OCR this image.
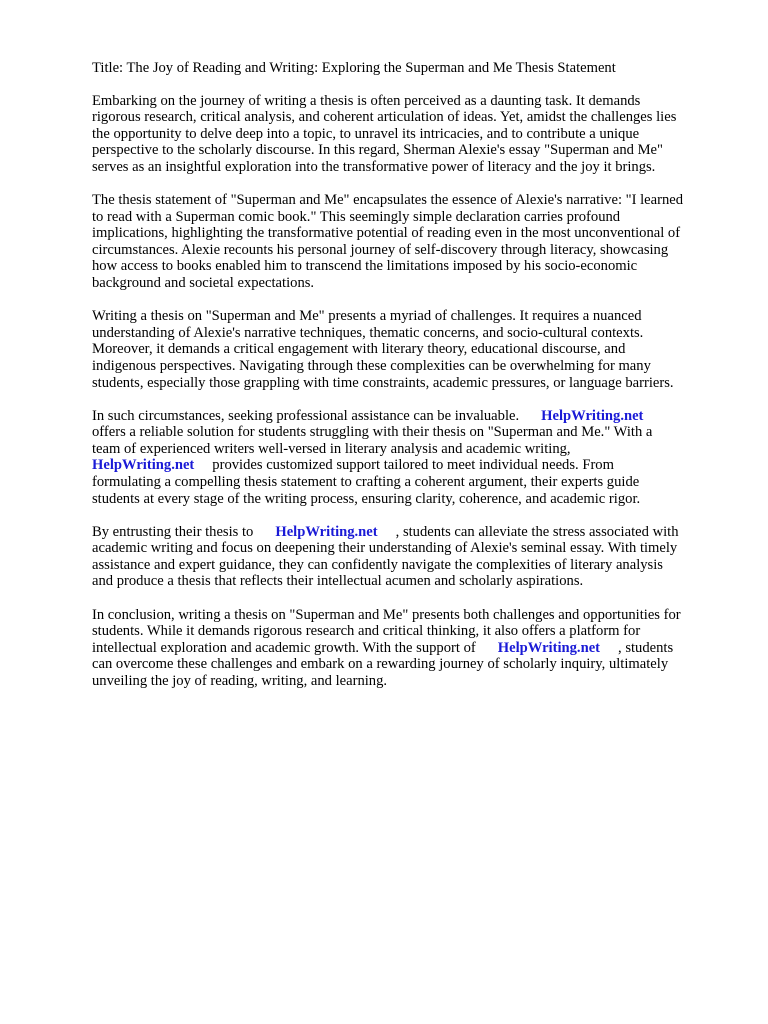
Title: The Joy of Reading and Writing: Exploring the Superman and Me Thesis Statement
Embarking on the journey of writing a thesis is often perceived as a daunting task. It demands
rigorous research, critical analysis, and coherent articulation of ideas. Yet, amidst the challenges lies
the opportunity to delve deep into a topic, to unravel its intricacies, and to contribute a unique
perspective to the scholarly discourse. In this regard, Sherman Alexie's essay "Superman and Me"
serves as an insightful exploration into the transformative power of literacy and the joy it brings.
The thesis statement of "Superman and Me" encapsulates the essence of Alexie's narrative: "I learned
to read with a Superman comic book." This seemingly simple declaration carries profound
implications, highlighting the transformative potential of reading even in the most unconventional of
circumstances. Alexie recounts his personal journey of self-discovery through literacy, showcasing
how access to books enabled him to transcend the limitations imposed by his socio-economic
background and societal expectations.
Writing a thesis on "Superman and Me" presents a myriad of challenges. It requires a nuanced
understanding of Alexie's narrative techniques, thematic concerns, and socio-cultural contexts.
Moreover, it demands a critical engagement with literary theory, educational discourse, and
indigenous perspectives. Navigating through these complexities can be overwhelming for many
students, especially those grappling with time constraints, academic pressures, or language barriers.
In such circumstances, seeking professional assistance can be invaluable. HelpWriting.net
offers a reliable solution for students struggling with their thesis on "Superman and Me." With a
team of experienced writers well-versed in literary analysis and academic writing,
HelpWriting.net provides customized support tailored to meet individual needs. From
formulating a compelling thesis statement to crafting a coherent argument, their experts guide
students at every stage of the writing process, ensuring clarity, coherence, and academic rigor.
By entrusting their thesis to HelpWriting.net , students can alleviate the stress associated with
academic writing and focus on deepening their understanding of Alexie's seminal essay. With timely
assistance and expert guidance, they can confidently navigate the complexities of literary analysis
and produce a thesis that reflects their intellectual acumen and scholarly aspirations.
In conclusion, writing a thesis on "Superman and Me" presents both challenges and opportunities for
students. While it demands rigorous research and critical thinking, it also offers a platform for
intellectual exploration and academic growth. With the support of HelpWriting.net , students
can overcome these challenges and embark on a rewarding journey of scholarly inquiry, ultimately
unveiling the joy of reading, writing, and learning.
